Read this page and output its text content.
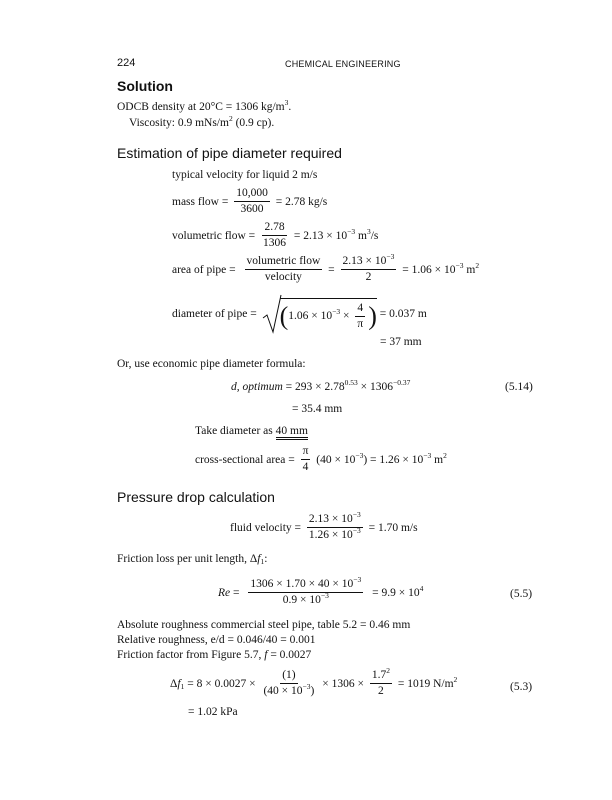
224	CHEMICAL ENGINEERING
Solution
ODCB density at 20°C = 1306 $kg/m^3$.
Viscosity: 0.9 mNs/$m^2$ (0.9 cp).
Estimation of pipe diameter required
typical velocity for liquid 2 m/s
mass flow = $\frac{10,000}{3600} = 2.78$ kg/s
volumetric flow = $\frac{2.78}{1306} = 2.13 \times 10^{-3}$ $m^3/s$
area of pipe = $\frac{\text{volumetric flow}}{\text{velocity}} = \frac{2.13 \times 10^{-3}}{2} = 1.06 \times 10^{-3}$ $m^2$
diameter of pipe = ($1.06 \times 10^{-3} \times \frac{4}{\pi}$ ) = 0.037 m
= 37 mm
Or, use economic pipe diameter formula:
d, optimum = $293 \times 2.78^{0.53} \times 1306^{-0.37}$	(5.14)
= 35.4 mm
Take diameter as 40 mm
cross-sectional area = $\frac{\pi}{4} (40 \times 10^{-3}) = 1.26 \times 10^{-3}$ $m^2$
Pressure drop calculation
fluid velocity = $\frac{2.13 \times 10^{-3}}{1.26 \times 10^{-3}} = 1.70$ m/s
Friction loss per unit length, $\Delta f_1$:
$Re = \frac{1306 \times 1.70 \times 40 \times 10^{-3}}{0.9 \times 10^{-3}} = 9.9 \times 10^4$	(5.5)
Absolute roughness commercial steel pipe, table 5.2 = 0.46 mm
Relative roughness, e/d = 0.046/40 = 0.001
Friction factor from Figure 5.7, f = 0.0027
$\Delta f_1 = 8 \times 0.0027 \times \frac{(1)}{(40 \times 10^{-3})} \times 1306 \times \frac{1.7^2}{2} = 1019$ $N/m^2$
(5.3)
= 1.02 kPa
